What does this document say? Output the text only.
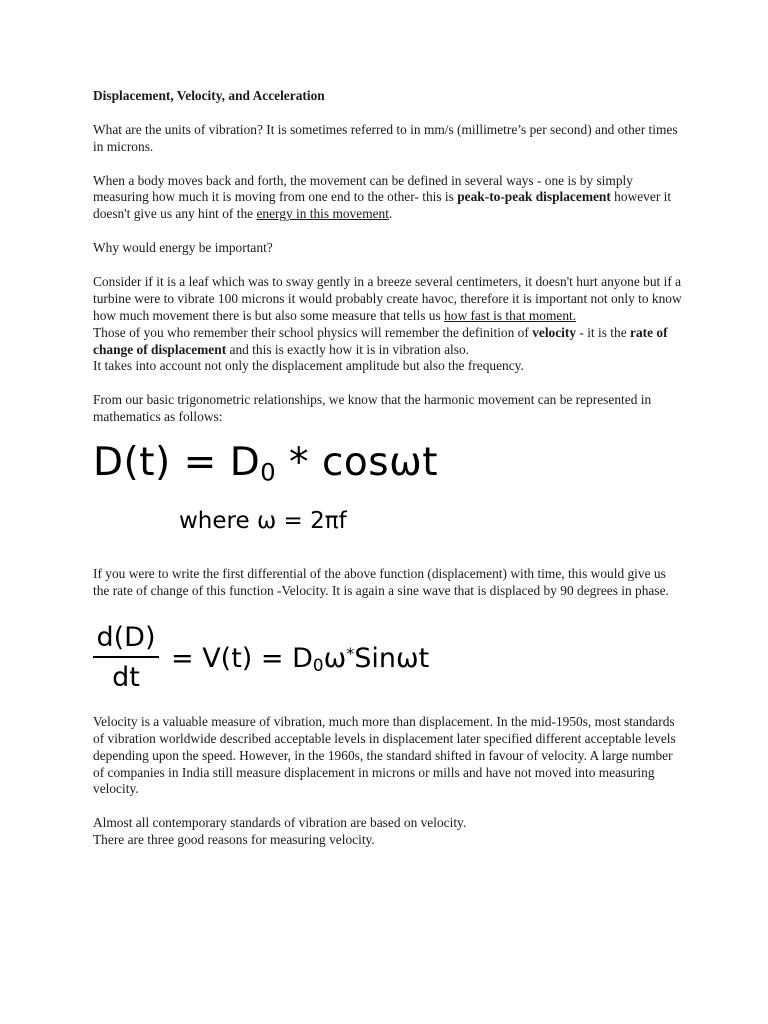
Displacement, Velocity, and Acceleration

What are the units of vibration? It is sometimes referred to in mm/s (millimetre’s per second) and other times in microns.

When a body moves back and forth, the movement can be defined in several ways - one is by simply measuring how much it is moving from one end to the other- this is peak-to-peak displacement however it doesn't give us any hint of the energy in this movement.

Why would energy be important?

Consider if it is a leaf which was to sway gently in a breeze several centimeters, it doesn't hurt anyone but if a turbine were to vibrate 100 microns it would probably create havoc, therefore it is important not only to know how much movement there is but also some measure that tells us how fast is that moment.

Those of you who remember their school physics will remember the definition of velocity - it is the rate of change of displacement and this is exactly how it is in vibration also.

It takes into account not only the displacement amplitude but also the frequency.

From our basic trigonometric relationships, we know that the harmonic movement can be represented in mathematics as follows:

$D(t) = D_0 * \cos\omega t$
where ω = 2πf

If you were to write the first differential of the above function (displacement) with time, this would give us the rate of change of this function -Velocity. It is again a sine wave that is displaced by 90 degrees in phase.

d(D)
dt
= $V(t) = D_0\omega^*Sin\omega t$

Velocity is a valuable measure of vibration, much more than displacement. In the mid-1950s, most standards of vibration worldwide described acceptable levels in displacement later specified different acceptable levels depending upon the speed. However, in the 1960s, the standard shifted in favour of velocity. A large number of companies in India still measure displacement in microns or mills and have not moved into measuring velocity.

Almost all contemporary standards of vibration are based on velocity.

There are three good reasons for measuring velocity.
